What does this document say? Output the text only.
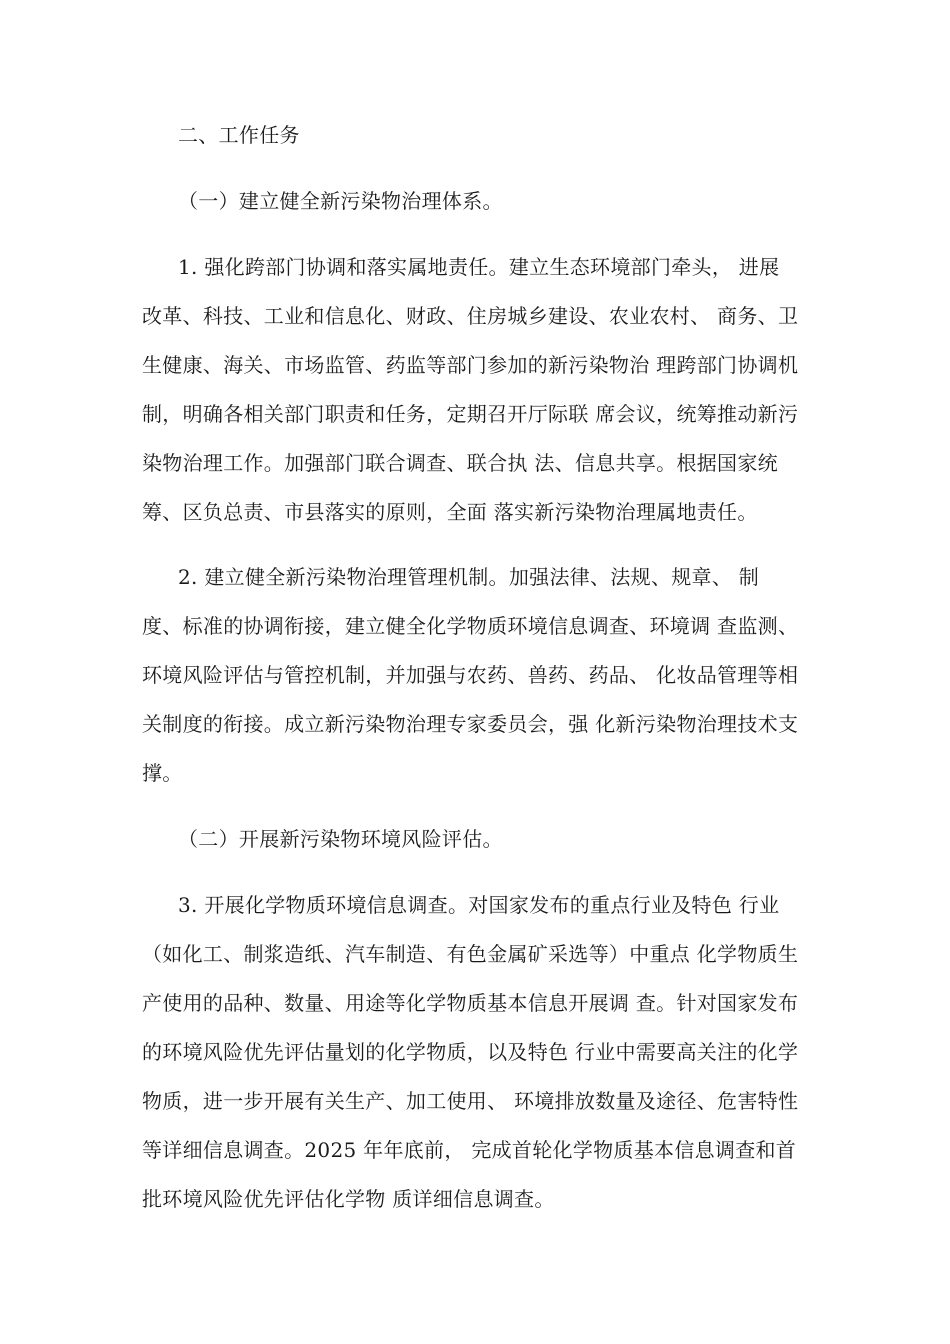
二、工作任务
（一）建立健全新污染物治理体系。
1. 强化跨部门协调和落实属地责任。建立生态环境部门牵头， 进展
改革、科技、工业和信息化、财政、住房城乡建设、农业农村、 商务、卫
生健康、海关、市场监管、药监等部门参加的新污染物治 理跨部门协调机
制，明确各相关部门职责和任务，定期召开厅际联 席会议，统筹推动新污
染物治理工作。加强部门联合调查、联合执 法、信息共享。根据国家统
筹、区负总责、市县落实的原则，全面 落实新污染物治理属地责任。
2. 建立健全新污染物治理管理机制。加强法律、法规、规章、 制
度、标准的协调衔接，建立健全化学物质环境信息调查、环境调 查监测、
环境风险评估与管控机制，并加强与农药、兽药、药品、 化妆品管理等相
关制度的衔接。成立新污染物治理专家委员会，强 化新污染物治理技术支
撑。
（二）开展新污染物环境风险评估。
3. 开展化学物质环境信息调查。对国家发布的重点行业及特色 行业
（如化工、制浆造纸、汽车制造、有色金属矿采选等）中重点 化学物质生
产使用的品种、数量、用途等化学物质基本信息开展调 查。针对国家发布
的环境风险优先评估量划的化学物质，以及特色 行业中需要高关注的化学
物质，进一步开展有关生产、加工使用、 环境排放数量及途径、危害特性
等详细信息调查。2025 年年底前， 完成首轮化学物质基本信息调查和首
批环境风险优先评估化学物 质详细信息调查。
